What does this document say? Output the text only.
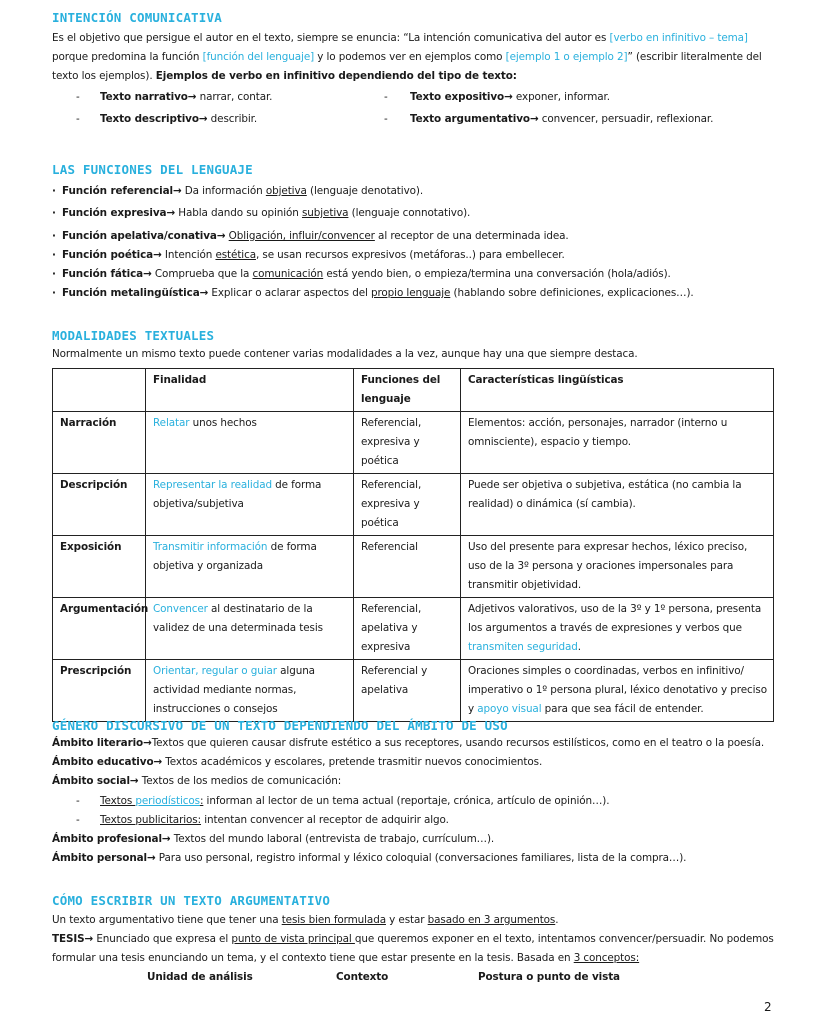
INTENCIÓN COMUNICATIVA
Es el objetivo que persigue el autor en el texto, siempre se enuncia: “La intención comunicativa del autor es [verbo en infinitivo – tema]
porque predomina la función [función del lenguaje] y lo podemos ver en ejemplos como [ejemplo 1 o ejemplo 2]” (escribir literalmente del
texto los ejemplos). Ejemplos de verbo en infinitivo dependiendo del tipo de texto:
- Texto narrativo→ narrar, contar.	- Texto expositivo→ exponer, informar.
- Texto descriptivo→ describir.	- Texto argumentativo→ convencer, persuadir, reflexionar.
LAS FUNCIONES DEL LENGUAJE
· Función referencial→ Da información objetiva (lenguaje denotativo).
· Función expresiva→ Habla dando su opinión subjetiva (lenguaje connotativo).
· Función apelativa/conativa→ Obligación, influir/convencer al receptor de una determinada idea.
· Función poética→ Intención estética, se usan recursos expresivos (metáforas..) para embellecer.
· Función fática→ Comprueba que la comunicación está yendo bien, o empieza/termina una conversación (hola/adiós).
· Función metalingüística→ Explicar o aclarar aspectos del propio lenguaje (hablando sobre definiciones, explicaciones…).
MODALIDADES TEXTUALES
Normalmente un mismo texto puede contener varias modalidades a la vez, aunque hay una que siempre destaca.
	Finalidad	Funciones del lenguaje	Características lingüísticas
Narración	Relatar unos hechos	Referencial, expresiva y poética	Elementos: acción, personajes, narrador (interno u omnisciente), espacio y tiempo.
Descripción	Representar la realidad de forma objetiva/subjetiva	Referencial, expresiva y poética	Puede ser objetiva o subjetiva, estática (no cambia la realidad) o dinámica (sí cambia).
Exposición	Transmitir información de forma objetiva y organizada	Referencial	Uso del presente para expresar hechos, léxico preciso, uso de la 3º persona y oraciones impersonales para transmitir objetividad.
Argumentación	Convencer al destinatario de la validez de una determinada tesis	Referencial, apelativa y expresiva	Adjetivos valorativos, uso de la 3º y 1º persona, presenta los argumentos a través de expresiones y verbos que transmiten seguridad.
Prescripción	Orientar, regular o guiar alguna actividad mediante normas, instrucciones o consejos	Referencial y apelativa	Oraciones simples o coordinadas, verbos en infinitivo/ imperativo o 1º persona plural, léxico denotativo y preciso y apoyo visual para que sea fácil de entender.
GÉNERO DISCURSIVO DE UN TEXTO DEPENDIENDO DEL ÁMBITO DE USO
Ámbito literario→Textos que quieren causar disfrute estético a sus receptores, usando recursos estilísticos, como en el teatro o la poesía.
Ámbito educativo→ Textos académicos y escolares, pretende trasmitir nuevos conocimientos.
Ámbito social→ Textos de los medios de comunicación:
- Textos periodísticos: informan al lector de un tema actual (reportaje, crónica, artículo de opinión…).
- Textos publicitarios: intentan convencer al receptor de adquirir algo.
Ámbito profesional→ Textos del mundo laboral (entrevista de trabajo, currículum…).
Ámbito personal→ Para uso personal, registro informal y léxico coloquial (conversaciones familiares, lista de la compra…).
CÓMO ESCRIBIR UN TEXTO ARGUMENTATIVO
Un texto argumentativo tiene que tener una tesis bien formulada y estar basado en 3 argumentos.
TESIS→ Enunciado que expresa el punto de vista principal que queremos exponer en el texto, intentamos convencer/persuadir. No podemos
formular una tesis enunciando un tema, y el contexto tiene que estar presente en la tesis. Basada en 3 conceptos:
Unidad de análisis	Contexto	Postura o punto de vista
2
